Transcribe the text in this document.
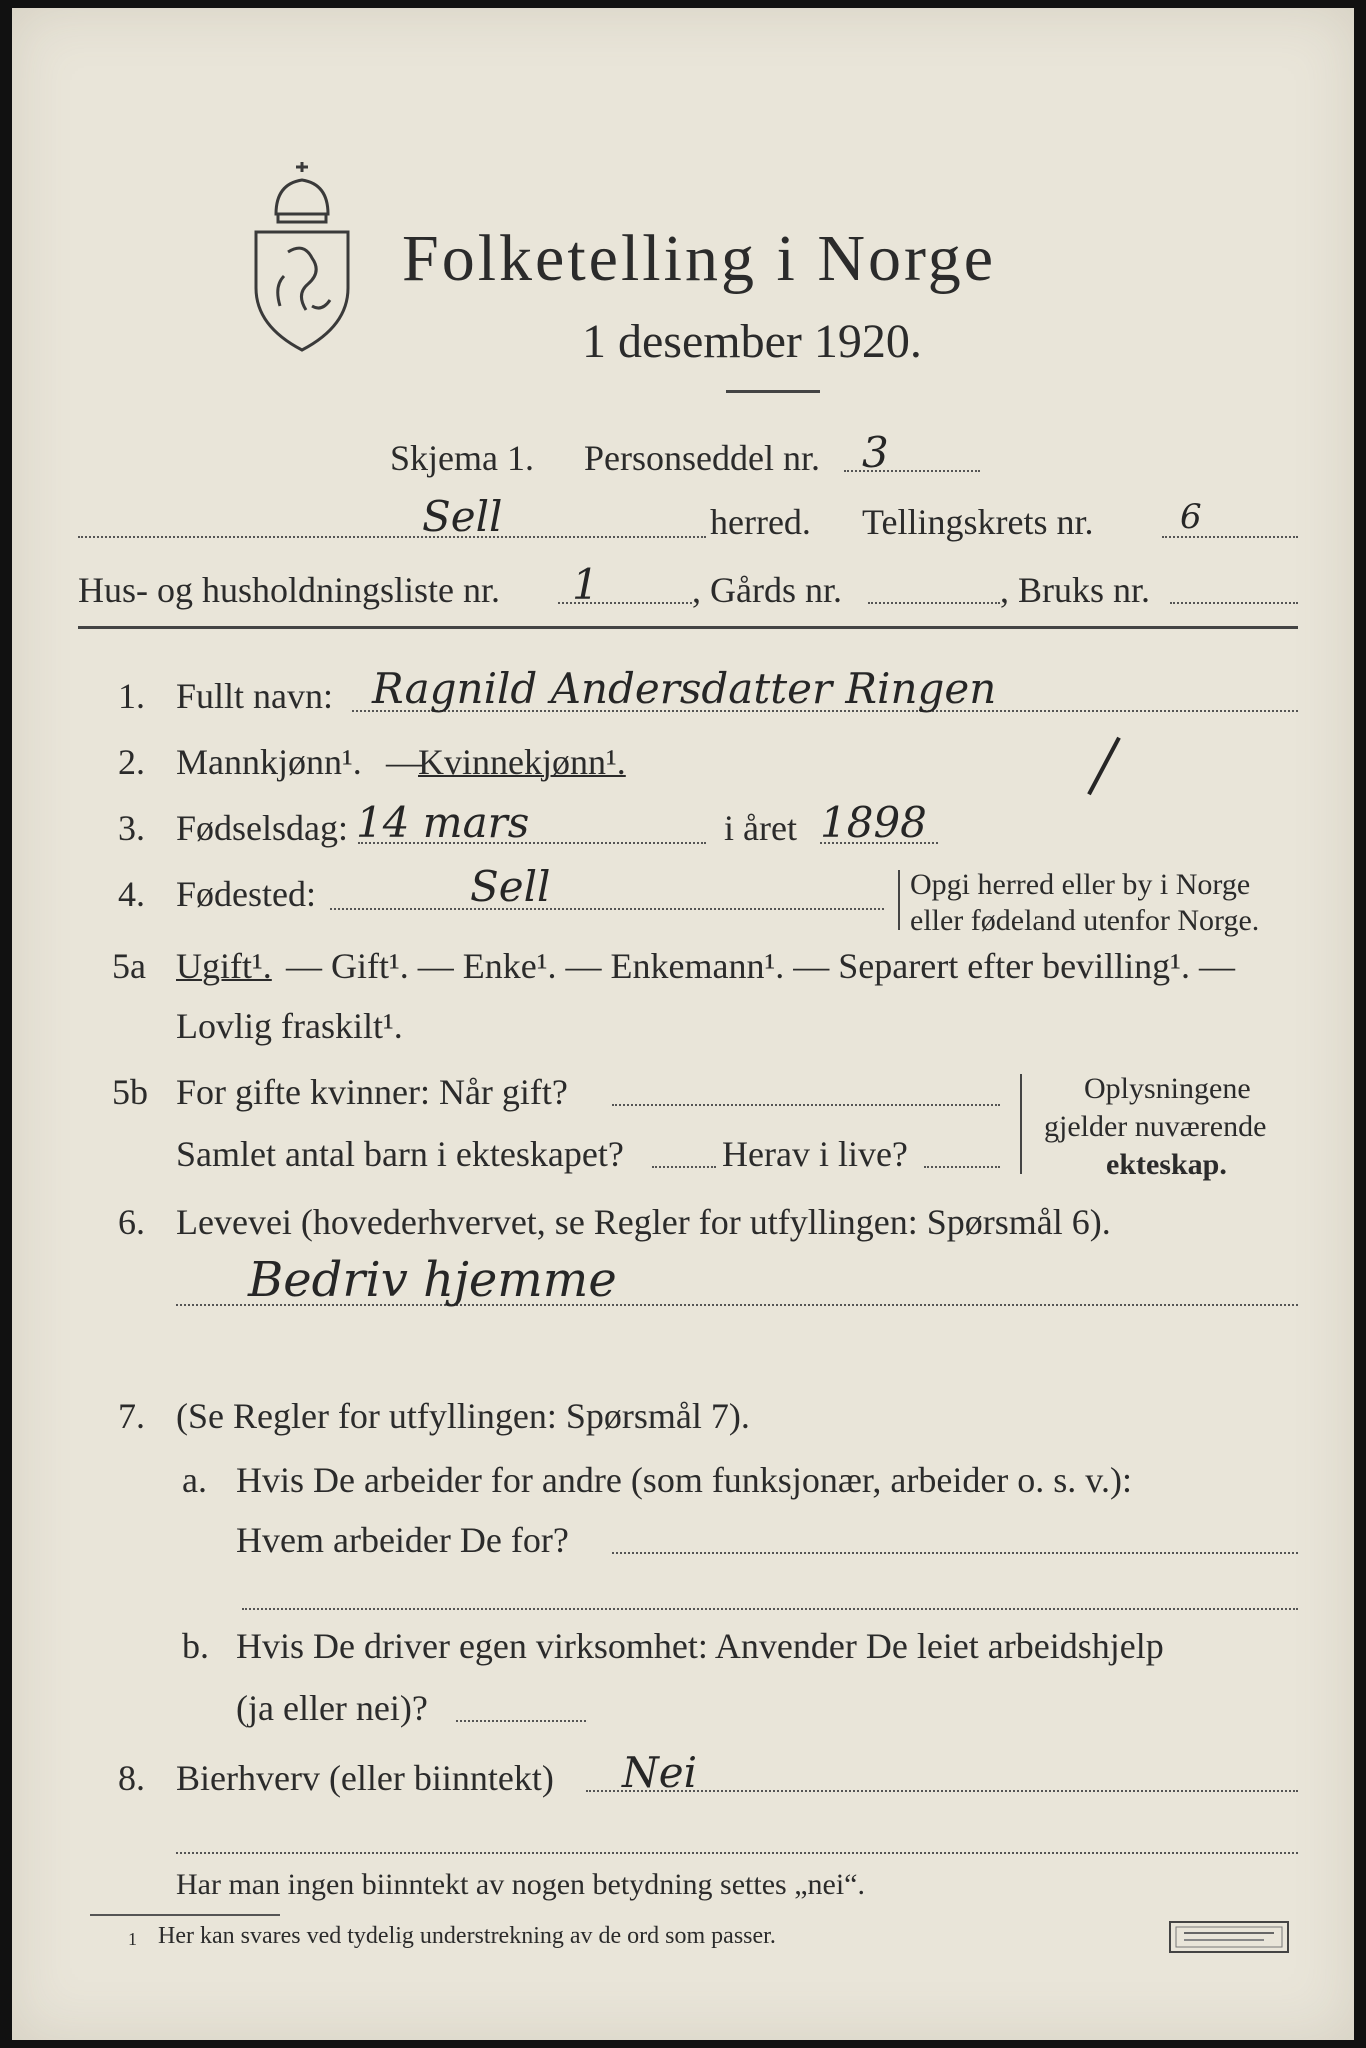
Folketelling i Norge
1 desember 1920.
Skjema 1. Personseddel nr. 3
Sell	herred. Tellingskrets nr.	6
Hus- og husholdningsliste nr. 1	, Gårds nr.	, Bruks nr.
1. Fullt navn: Ragnild Andersdatter Ringen
2. Mannkjønn¹. —
Kvinnekjønn¹.
3. Fødselsdag: 14 mars	i året 1898
4. Fødested:	Sell	Opgi herred eller by i Norge
eller fødeland utenfor Norge.
5a Ugift¹. — Gift¹. — Enke¹. — Enkemann¹. — Separert efter bevilling¹. —
Lovlig fraskilt¹.
5b For gifte kvinner: Når gift?
Samlet antal barn i ekteskapet?	Herav i live?
Oplysningene
gjelder nuværende
ekteskap.
6. Levevei (hovederhvervet, se Regler for utfyllingen: Spørsmål 6).
Bedriv hjemme
7. (Se Regler for utfyllingen: Spørsmål 7).
a. Hvis De arbeider for andre (som funksjonær, arbeider o. s. v.):
Hvem arbeider De for?
b. Hvis De driver egen virksomhet: Anvender De leiet arbeidshjelp
(ja eller nei)?
8. Bierhverv (eller biinntekt) Nei
Har man ingen biinntekt av nogen betydning settes „nei“.
1 Her kan svares ved tydelig understrekning av de ord som passer.
